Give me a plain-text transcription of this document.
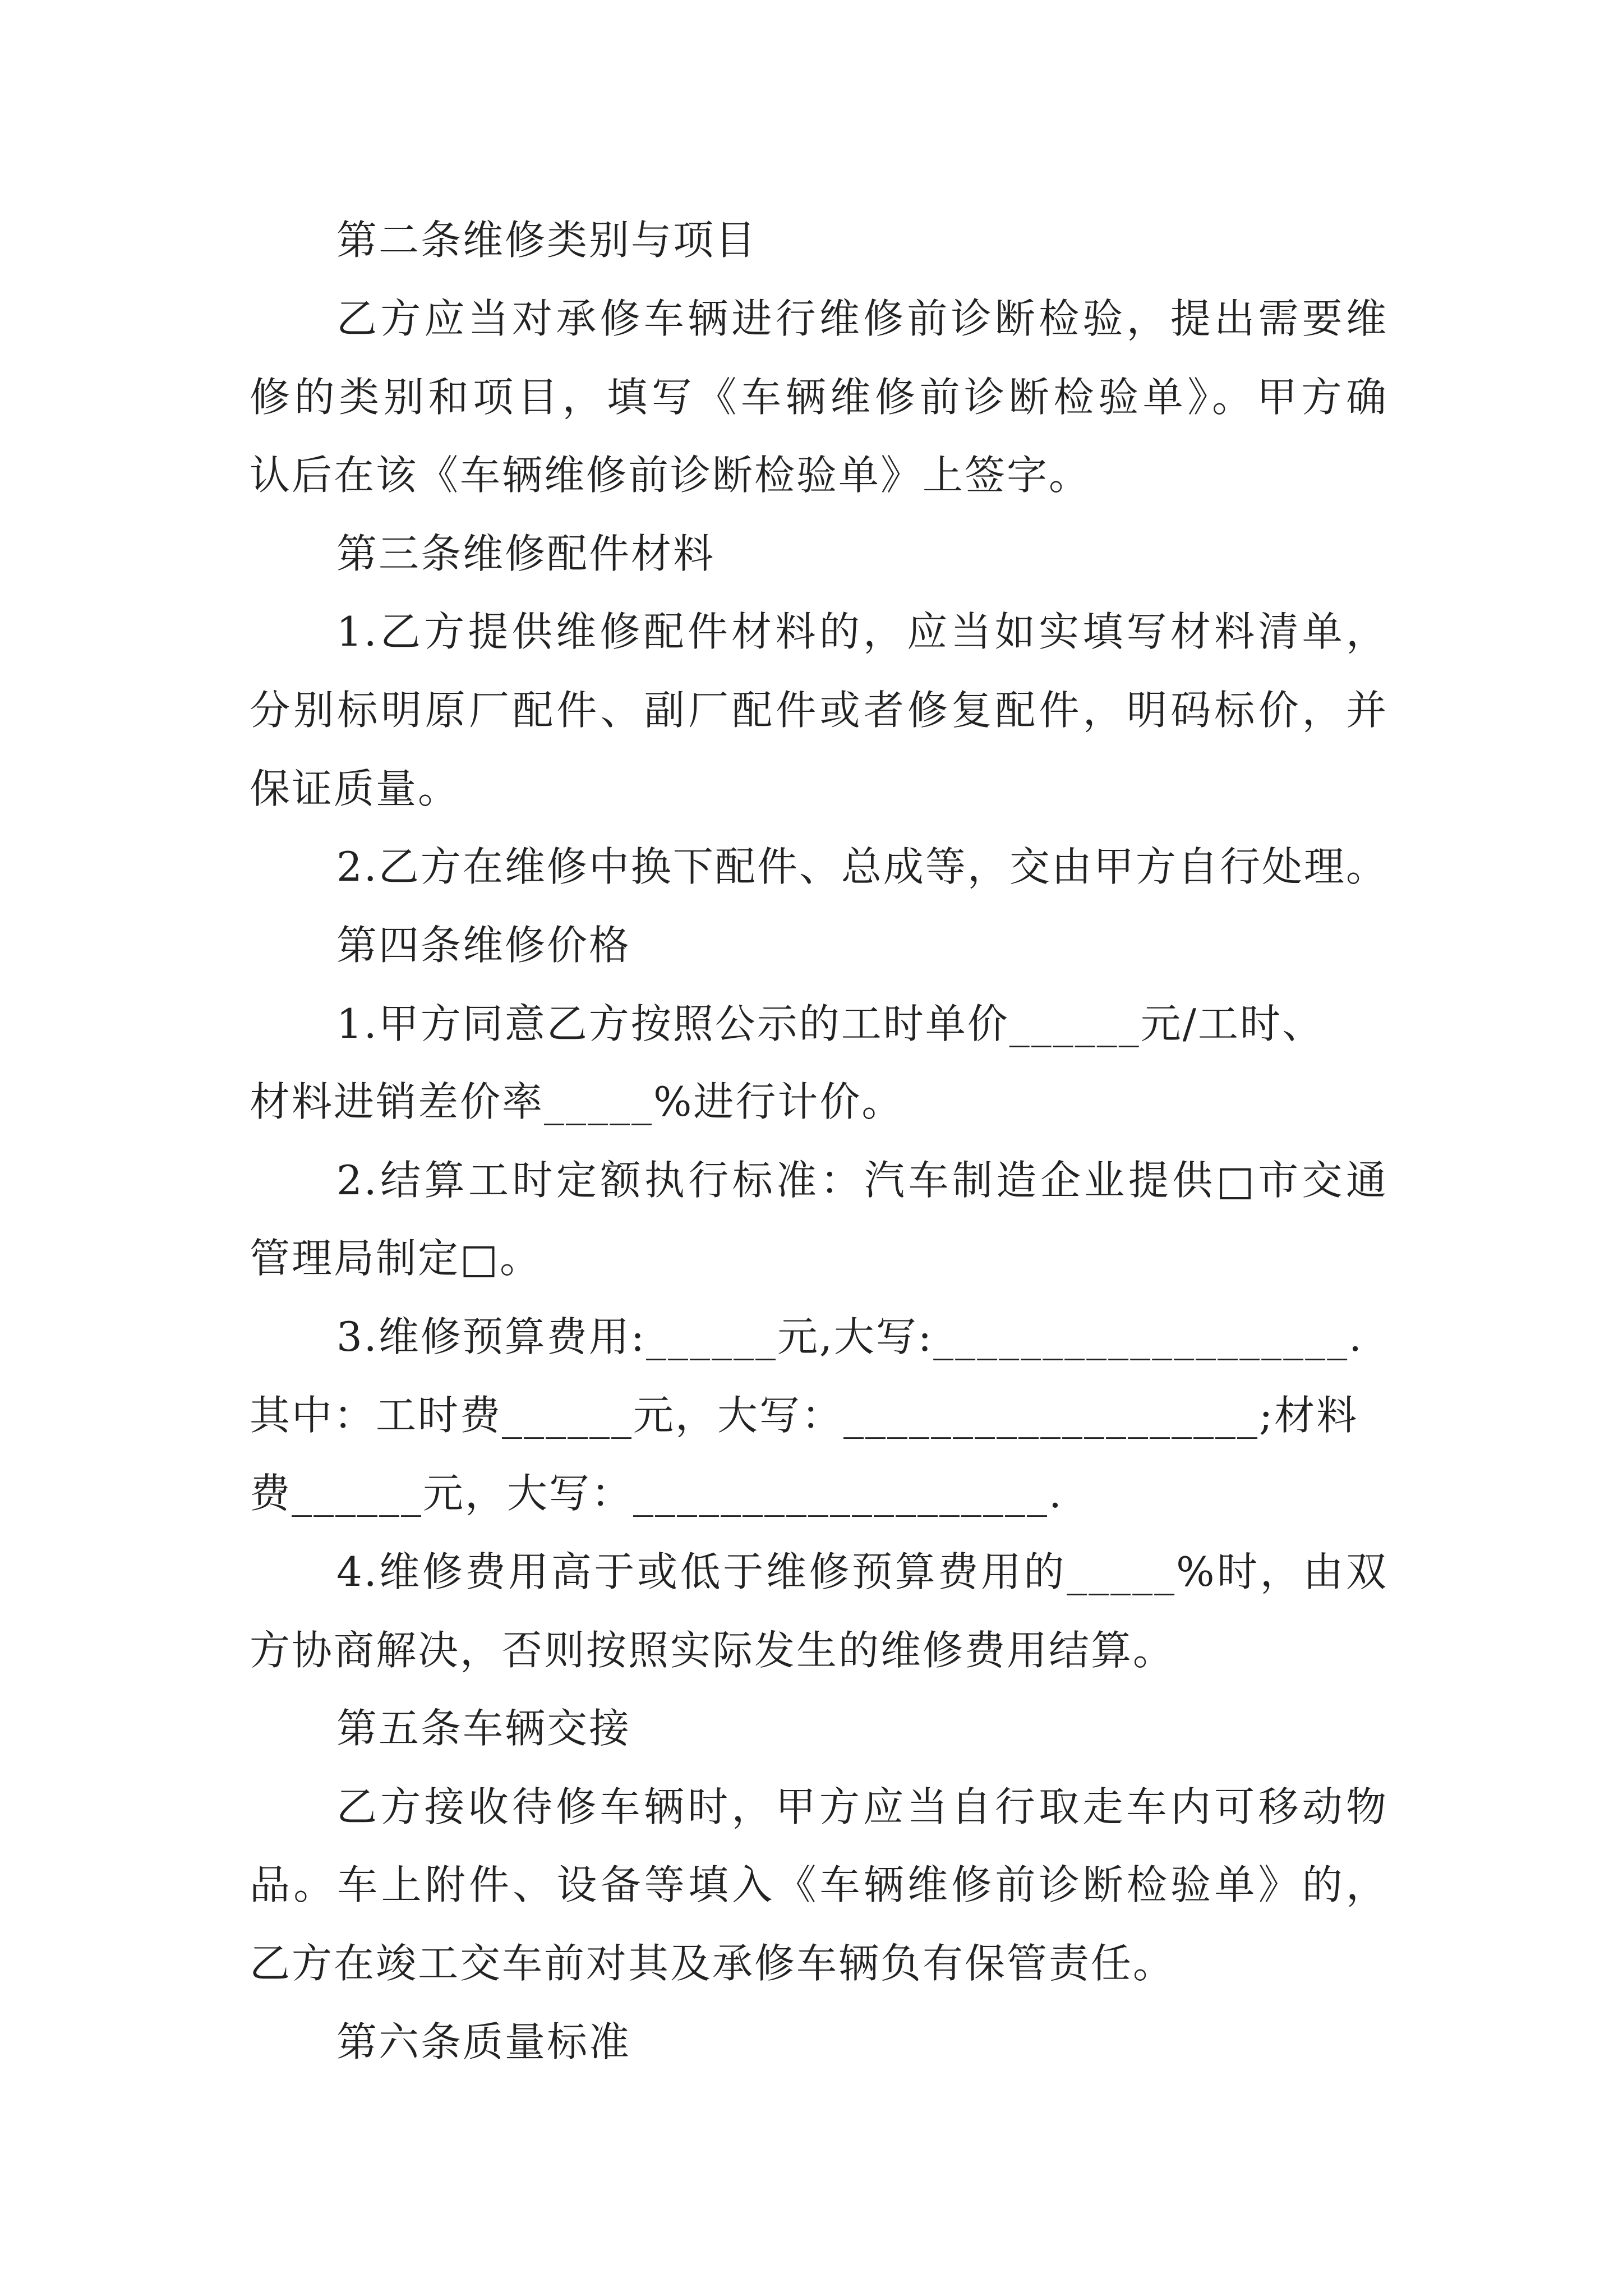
第二条维修类别与项目

乙方应当对承修车辆进行维修前诊断检验，提出需要维

修的类别和项目，填写《车辆维修前诊断检验单》。甲方确

认后在该《车辆维修前诊断检验单》上签字。

第三条维修配件材料

1.乙方提供维修配件材料的，应当如实填写材料清单，

分别标明原厂配件、副厂配件或者修复配件，明码标价，并

保证质量。

2.乙方在维修中换下配件、总成等，交由甲方自行处理。

第四条维修价格

1.甲方同意乙方按照公示的工时单价______元/工时、

材料进销差价率_____%进行计价。

2.结算工时定额执行标准：汽车制造企业提供□市交通

管理局制定□。

3.维修预算费用:______元,大写:___________________.

其中：工时费______元，大写：___________________;材料

费______元，大写：___________________.

4.维修费用高于或低于维修预算费用的_____%时，由双

方协商解决，否则按照实际发生的维修费用结算。

第五条车辆交接

乙方接收待修车辆时，甲方应当自行取走车内可移动物

品。车上附件、设备等填入《车辆维修前诊断检验单》的，

乙方在竣工交车前对其及承修车辆负有保管责任。

第六条质量标准
